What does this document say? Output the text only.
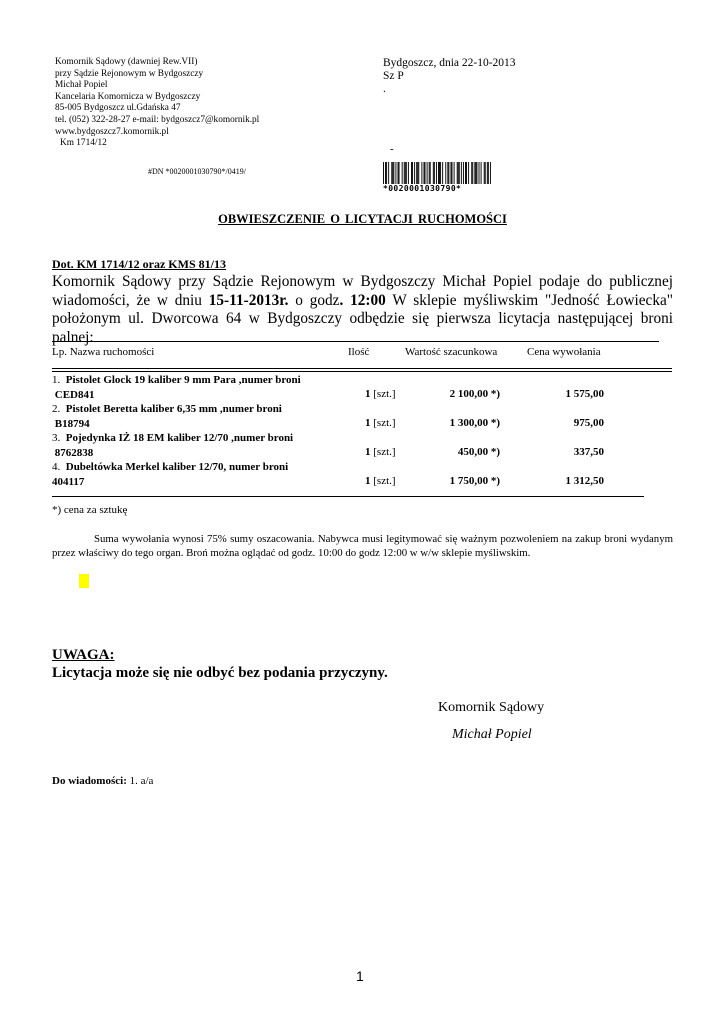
Komornik Sądowy (dawniej Rew.VII)
przy Sądzie Rejonowym w Bydgoszczy
Michał Popiel
Kancelaria Komornicza w Bydgoszczy
85-005 Bydgoszcz ul.Gdańska 47
tel. (052) 322-28-27 e-mail: bydgoszcz7@komornik.pl
www.bydgoszcz7.komornik.pl
Km 1714/12
Bydgoszcz, dnia 22-10-2013
Sz P
.
-
#DN *0020001030790*/0419/
*0020001030790*
OBWIESZCZENIE O LICYTACJI RUCHOMOŚCI
Dot. KM 1714/12 oraz KMS 81/13
Komornik Sądowy przy Sądzie Rejonowym w Bydgoszczy Michał Popiel podaje do publicznej wiadomości, że w dniu 15-11-2013r. o godz. 12:00 W sklepie myśliwskim "Jedność Łowiecka" położonym ul. Dworcowa 64 w Bydgoszczy odbędzie się pierwsza licytacja następującej broni palnej:
Lp. Nazwa ruchomości	Ilość	Wartość szacunkowa	Cena wywołania
1. Pistolet Glock 19 kaliber 9 mm Para ,numer broni
CED841	1 [szt.]	2 100,00 *)	1 575,00
2. Pistolet Beretta kaliber 6,35 mm ,numer broni
B18794	1 [szt.]	1 300,00 *)	975,00
3. Pojedynka IŻ 18 EM kaliber 12/70 ,numer broni
8762838	1 [szt.]	450,00 *)	337,50
4. Dubeltówka Merkel kaliber 12/70, numer broni
404117	1 [szt.]	1 750,00 *)	1 312,50
*) cena za sztukę
Suma wywołania wynosi 75% sumy oszacowania. Nabywca musi legitymować się ważnym pozwoleniem na zakup broni wydanym przez właściwy do tego organ. Broń można oglądać od godz. 10:00 do godz 12:00 w w/w sklepie myśliwskim.
UWAGA:
Licytacja może się nie odbyć bez podania przyczyny.
Komornik Sądowy
Michał Popiel
Do wiadomości: 1. a/a
1
